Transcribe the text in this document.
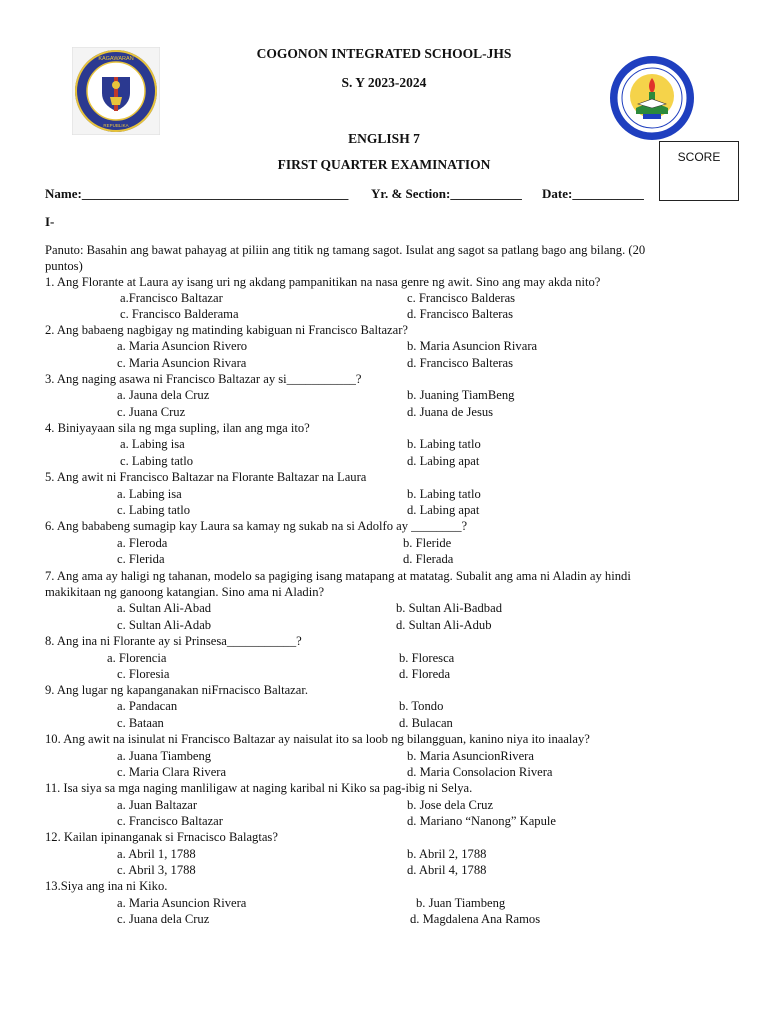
KAGAWARAN
REPUBLIKA
COGONON INTEGRATED SCHOOL-JHS
S. Y 2023-2024
ENGLISH 7
FIRST QUARTER EXAMINATION	SCORE
Name:_________________________________________ Yr. & Section:___________ Date:___________
I-
Panuto: Basahin ang bawat pahayag at piliin ang titik ng tamang sagot. Isulat ang sagot sa patlang bago ang bilang. (20
puntos)
1. Ang Florante at Laura ay isang uri ng akdang pampanitikan na nasa genre ng awit. Sino ang may akda nito?
a.Francisco Baltazar	c. Francisco Balderas
c. Francisco Balderama	d. Francisco Balteras
2. Ang babaeng nagbigay ng matinding kabiguan ni Francisco Baltazar?
a. Maria Asuncion Rivero	b. Maria Asuncion Rivara
c. Maria Asuncion Rivara	d. Francisco Balteras
3. Ang naging asawa ni Francisco Baltazar ay si___________?
a. Jauna dela Cruz	b. Juaning TiamBeng
c. Juana Cruz	d. Juana de Jesus
4. Biniyayaan sila ng mga supling, ilan ang mga ito?
a. Labing isa	b. Labing tatlo
c. Labing tatlo	d. Labing apat
5. Ang awit ni Francisco Baltazar na Florante Baltazar na Laura
a. Labing isa	b. Labing tatlo
c. Labing tatlo	d. Labing apat
6. Ang bababeng sumagip kay Laura sa kamay ng sukab na si Adolfo ay ________?
a. Fleroda	b. Fleride
c. Flerida	d. Flerada
7. Ang ama ay haligi ng tahanan, modelo sa pagiging isang matapang at matatag. Subalit ang ama ni Aladin ay hindi
makikitaan ng ganoong katangian. Sino ama ni Aladin?
a. Sultan Ali-Abad	b. Sultan Ali-Badbad
c. Sultan Ali-Adab	d. Sultan Ali-Adub
8. Ang ina ni Florante ay si Prinsesa___________?
a. Florencia	b. Floresca
c. Floresia	d. Floreda
9. Ang lugar ng kapanganakan niFrnacisco Baltazar.
a. Pandacan	b. Tondo
c. Bataan	d. Bulacan
10. Ang awit na isinulat ni Francisco Baltazar ay naisulat ito sa loob ng bilangguan, kanino niya ito inaalay?
a. Juana Tiambeng	b. Maria AsuncionRivera
c. Maria Clara Rivera	d. Maria Consolacion Rivera
11. Isa siya sa mga naging manliligaw at naging karibal ni Kiko sa pag-ibig ni Selya.
a. Juan Baltazar	b. Jose dela Cruz
c. Francisco Baltazar	d. Mariano “Nanong” Kapule
12. Kailan ipinanganak si Frnacisco Balagtas?
a. Abril 1, 1788	b. Abril 2, 1788
c. Abril 3, 1788	d. Abril 4, 1788
13.Siya ang ina ni Kiko.
a. Maria Asuncion Rivera	b. Juan Tiambeng
c. Juana dela Cruz	d. Magdalena Ana Ramos
